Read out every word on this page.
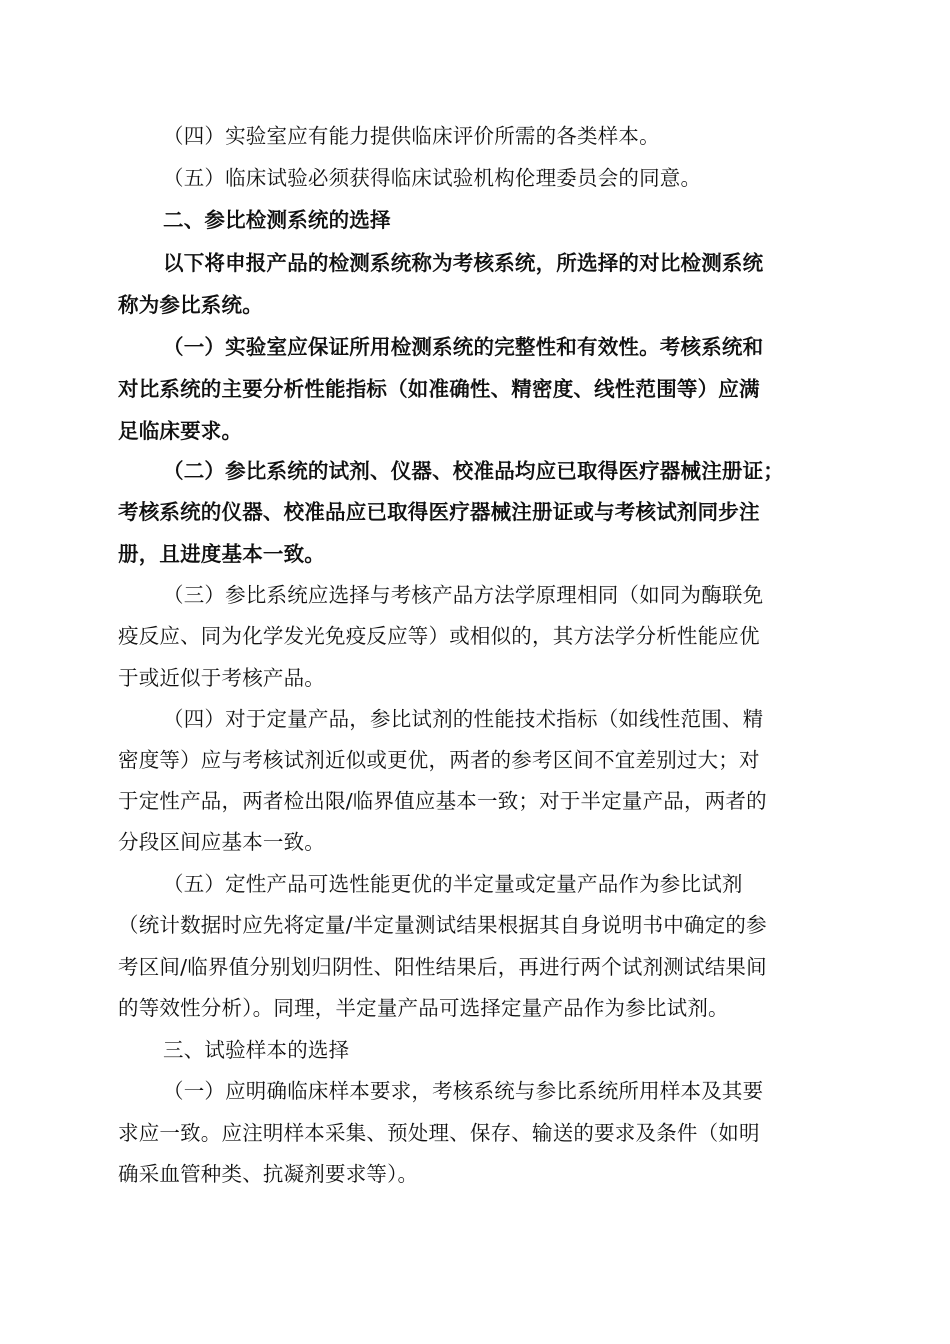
（四）实验室应有能力提供临床评价所需的各类样本。
（五）临床试验必须获得临床试验机构伦理委员会的同意。
二、参比检测系统的选择
以下将申报产品的检测系统称为考核系统，所选择的对比检测系统
称为参比系统。
（一）实验室应保证所用检测系统的完整性和有效性。考核系统和
对比系统的主要分析性能指标（如准确性、精密度、线性范围等）应满
足临床要求。
（二）参比系统的试剂、仪器、校准品均应已取得医疗器械注册证；
考核系统的仪器、校准品应已取得医疗器械注册证或与考核试剂同步注
册，且进度基本一致。
（三）参比系统应选择与考核产品方法学原理相同（如同为酶联免
疫反应、同为化学发光免疫反应等）或相似的，其方法学分析性能应优
于或近似于考核产品。
（四）对于定量产品，参比试剂的性能技术指标（如线性范围、精
密度等）应与考核试剂近似或更优，两者的参考区间不宜差别过大；对
于定性产品，两者检出限/临界值应基本一致；对于半定量产品，两者的
分段区间应基本一致。
（五）定性产品可选性能更优的半定量或定量产品作为参比试剂
（统计数据时应先将定量/半定量测试结果根据其自身说明书中确定的参
考区间/临界值分别划归阴性、阳性结果后，再进行两个试剂测试结果间
的等效性分析）。同理，半定量产品可选择定量产品作为参比试剂。
三、试验样本的选择
（一）应明确临床样本要求，考核系统与参比系统所用样本及其要
求应一致。应注明样本采集、预处理、保存、输送的要求及条件（如明
确采血管种类、抗凝剂要求等）。
